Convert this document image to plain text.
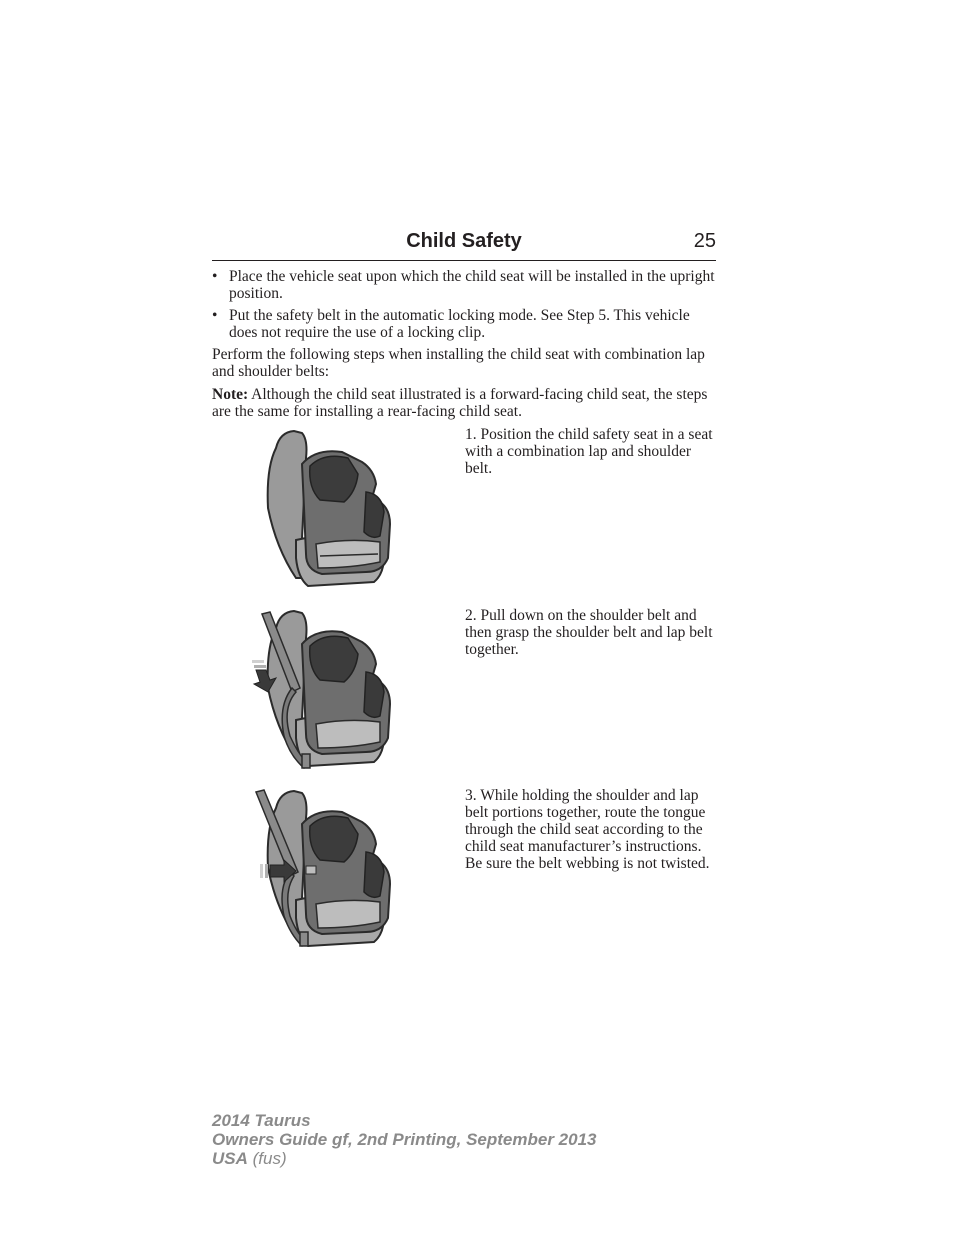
Child Safety	25
• Place the vehicle seat upon which the child seat will be installed in the upright position.
• Put the safety belt in the automatic locking mode. See Step 5. This vehicle does not require the use of a locking clip.

Perform the following steps when installing the child seat with combination lap and shoulder belts:

Note: Although the child seat illustrated is a forward-facing child seat, the steps are the same for installing a rear-facing child seat.

1. Position the child safety seat in a seat with a combination lap and shoulder belt.

2. Pull down on the shoulder belt and then grasp the shoulder belt and lap belt together.

3. While holding the shoulder and lap belt portions together, route the tongue through the child seat according to the child seat manufacturer’s instructions. Be sure the belt webbing is not twisted.

2014 Taurus
Owners Guide gf, 2nd Printing, September 2013
USA (fus)
